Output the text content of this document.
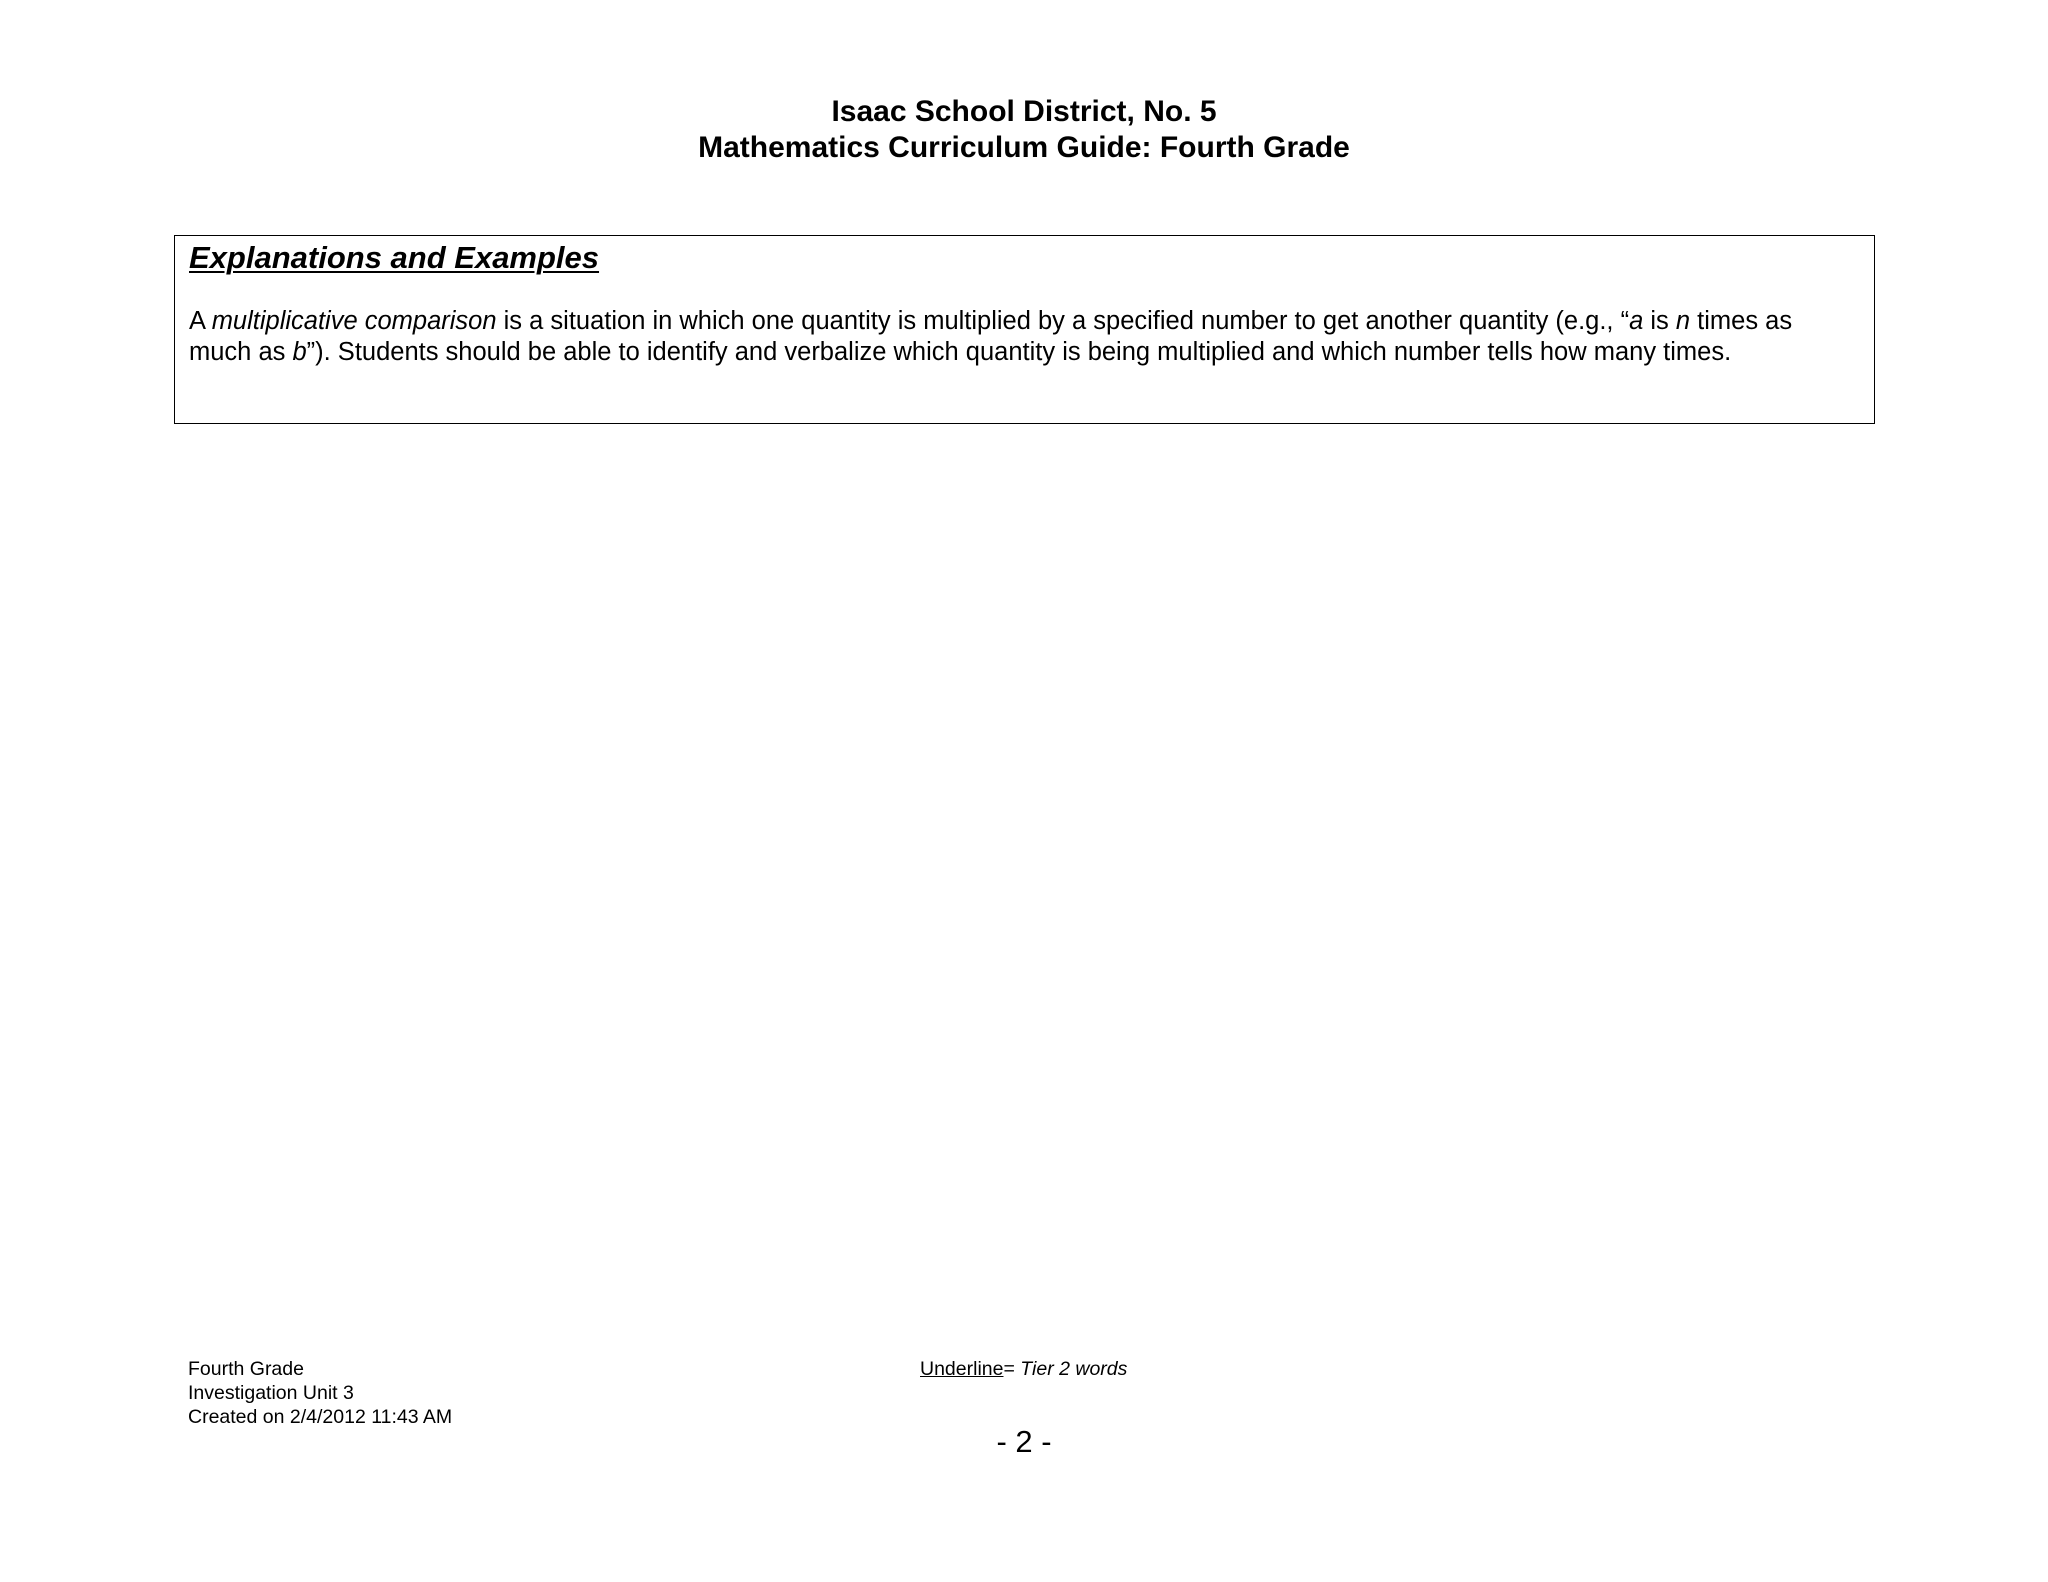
Isaac School District, No. 5
Mathematics Curriculum Guide: Fourth Grade
Explanations and Examples
A multiplicative comparison is a situation in which one quantity is multiplied by a specified number to get another quantity (e.g., “a is n times as
much as b”). Students should be able to identify and verbalize which quantity is being multiplied and which number tells how many times.
Fourth Grade
Investigation Unit 3
Created on 2/4/2012 11:43 AM
Underline= Tier 2 words
- 2 -
